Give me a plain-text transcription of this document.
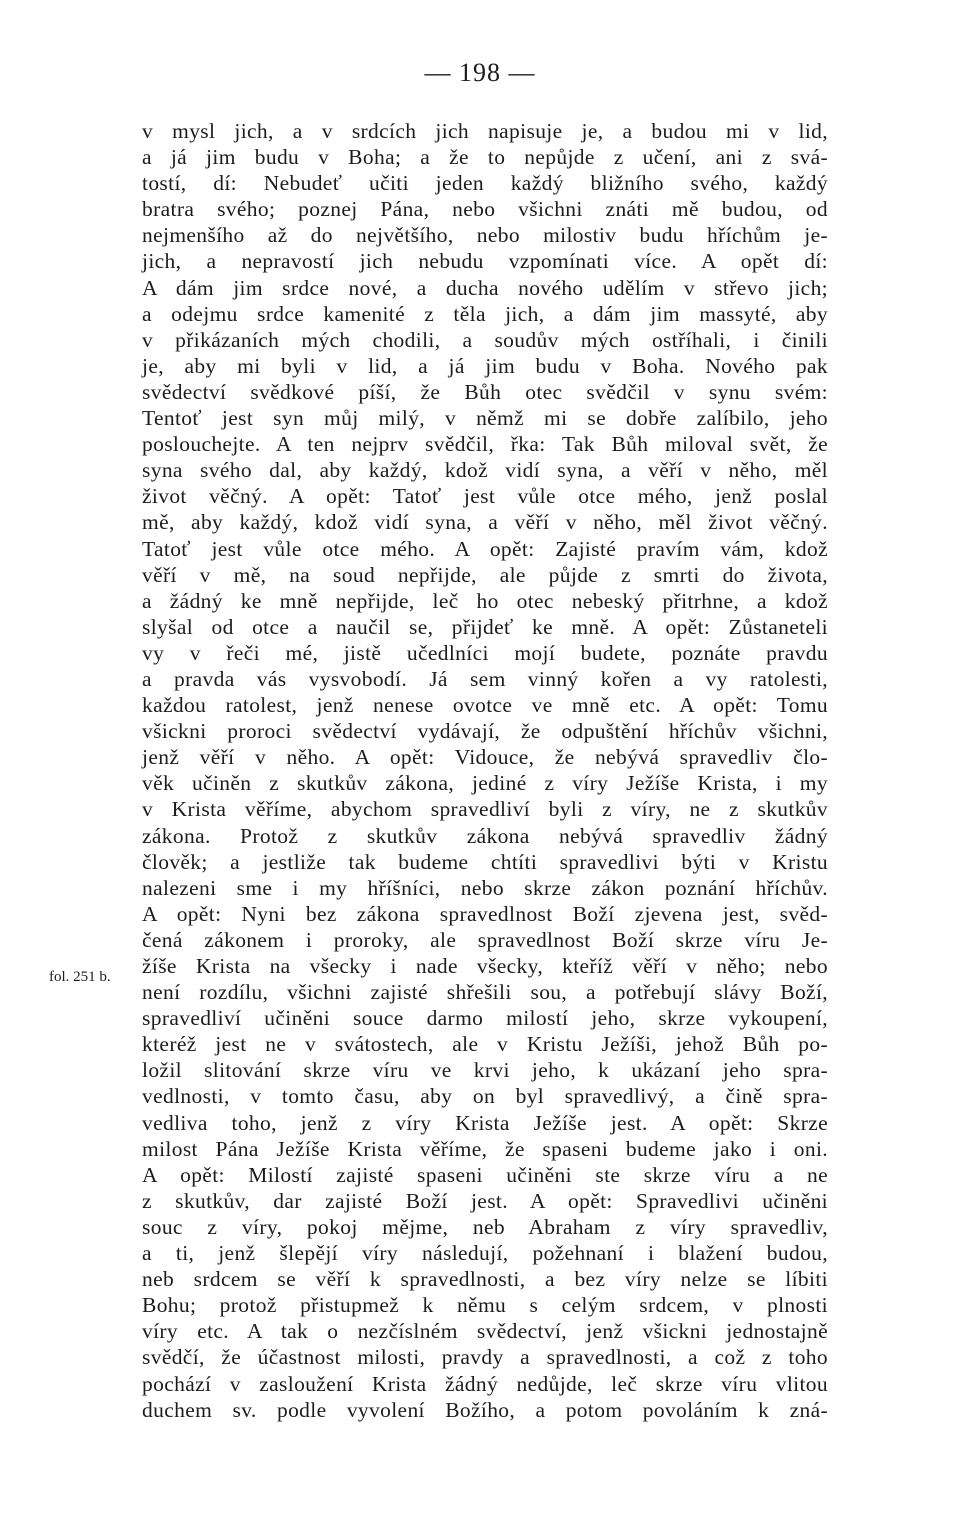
— 198 —
fol. 251 b.
v mysl jich, a v srdcích jich napisuje je, a budou mi v lid,
a já jim budu v Boha; a že to nepůjde z učení, ani z svá-
tostí, dí: Nebudeť učiti jeden každý bližního svého, každý
bratra svého; poznej Pána, nebo všichni znáti mě budou, od
nejmenšího až do největšího, nebo milostiv budu hříchům je-
jich, a nepravostí jich nebudu vzpomínati více. A opět dí:
A dám jim srdce nové, a ducha nového udělím v střevo jich;
a odejmu srdce kamenité z těla jich, a dám jim massyté, aby
v přikázaních mých chodili, a soudův mých ostříhali, i činili
je, aby mi byli v lid, a já jim budu v Boha. Nového pak
svědectví svědkové píší, že Bůh otec svědčil v synu svém:
Tentoť jest syn můj milý, v němž mi se dobře zalíbilo, jeho
poslouchejte. A ten nejprv svědčil, řka: Tak Bůh miloval svět, že
syna svého dal, aby každý, kdož vidí syna, a věří v něho, měl
život věčný. A opět: Tatoť jest vůle otce mého, jenž poslal
mě, aby každý, kdož vidí syna, a věří v něho, měl život věčný.
Tatoť jest vůle otce mého. A opět: Zajisté pravím vám, kdož
věří v mě, na soud nepřijde, ale půjde z smrti do života,
a žádný ke mně nepřijde, leč ho otec nebeský přitrhne, a kdož
slyšal od otce a naučil se, přijdeť ke mně. A opět: Zůstaneteli
vy v řeči mé, jistě učedlníci mojí budete, poznáte pravdu
a pravda vás vysvobodí. Já sem vinný kořen a vy ratolesti,
každou ratolest, jenž nenese ovotce ve mně etc. A opět: Tomu
všickni proroci svědectví vydávají, že odpuštění hříchův všichni,
jenž věří v něho. A opět: Vidouce, že nebývá spravedliv člo-
věk učiněn z skutkův zákona, jediné z víry Ježíše Krista, i my
v Krista věříme, abychom spravedliví byli z víry, ne z skutkův
zákona. Protož z skutkův zákona nebývá spravedliv žádný
člověk; a jestliže tak budeme chtíti spravedlivi býti v Kristu
nalezeni sme i my hříšníci, nebo skrze zákon poznání hříchův.
A opět: Nyni bez zákona spravedlnost Boží zjevena jest, svěd-
čená zákonem i proroky, ale spravedlnost Boží skrze víru Je-
žíše Krista na všecky i nade všecky, kteříž věří v něho; nebo
není rozdílu, všichni zajisté shřešili sou, a potřebují slávy Boží,
spravedliví učiněni souce darmo milostí jeho, skrze vykoupení,
kteréž jest ne v svátostech, ale v Kristu Ježíši, jehož Bůh po-
ložil slitování skrze víru ve krvi jeho, k ukázaní jeho spra-
vedlnosti, v tomto času, aby on byl spravedlivý, a čině spra-
vedliva toho, jenž z víry Krista Ježíše jest. A opět: Skrze
milost Pána Ježíše Krista věříme, že spaseni budeme jako i oni.
A opět: Milostí zajisté spaseni učiněni ste skrze víru a ne
z skutkův, dar zajisté Boží jest. A opět: Spravedlivi učiněni
souc z víry, pokoj mějme, neb Abraham z víry spravedliv,
a ti, jenž šlepějí víry následují, požehnaní i blažení budou,
neb srdcem se věří k spravedlnosti, a bez víry nelze se líbiti
Bohu; protož přistupmež k němu s celým srdcem, v plnosti
víry etc. A tak o nezčíslném svědectví, jenž všickni jednostajně
svědčí, že účastnost milosti, pravdy a spravedlnosti, a což z toho
pochází v zasloužení Krista žádný nedůjde, leč skrze víru vlitou
duchem sv. podle vyvolení Božího, a potom povoláním k zná-
